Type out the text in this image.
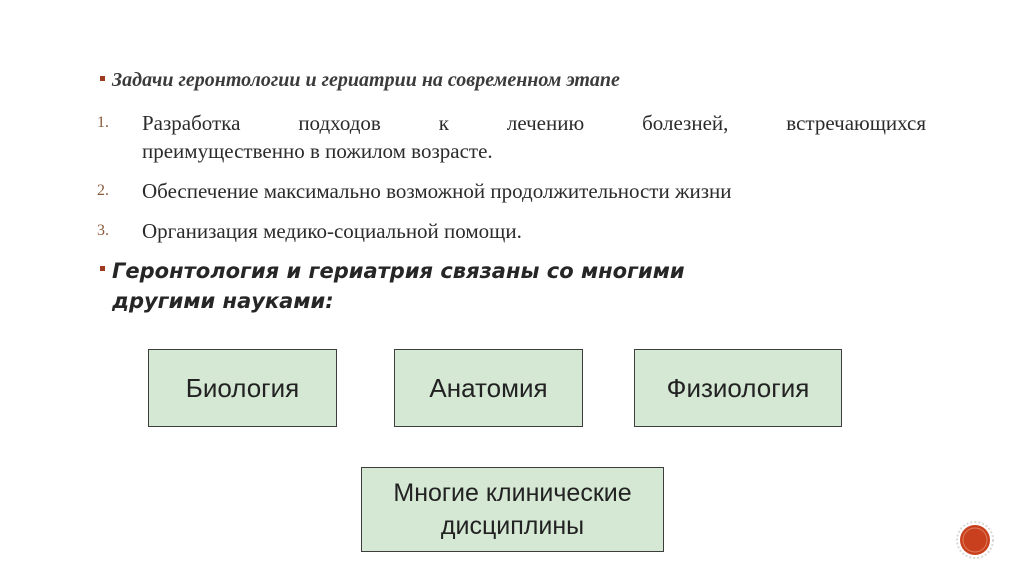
Задачи геронтологии и гериатрии на современном этапе
1. Разработка подходов к лечению болезней, встречающихся
преимущественно в пожилом возрасте.
2. Обеспечение максимально возможной продолжительности жизни
3. Организация медико-социальной помощи.
Геронтология и гериатрия связаны со многими
другими науками:
Биология	Анатомия	Физиология
Многие клинические
дисциплины
